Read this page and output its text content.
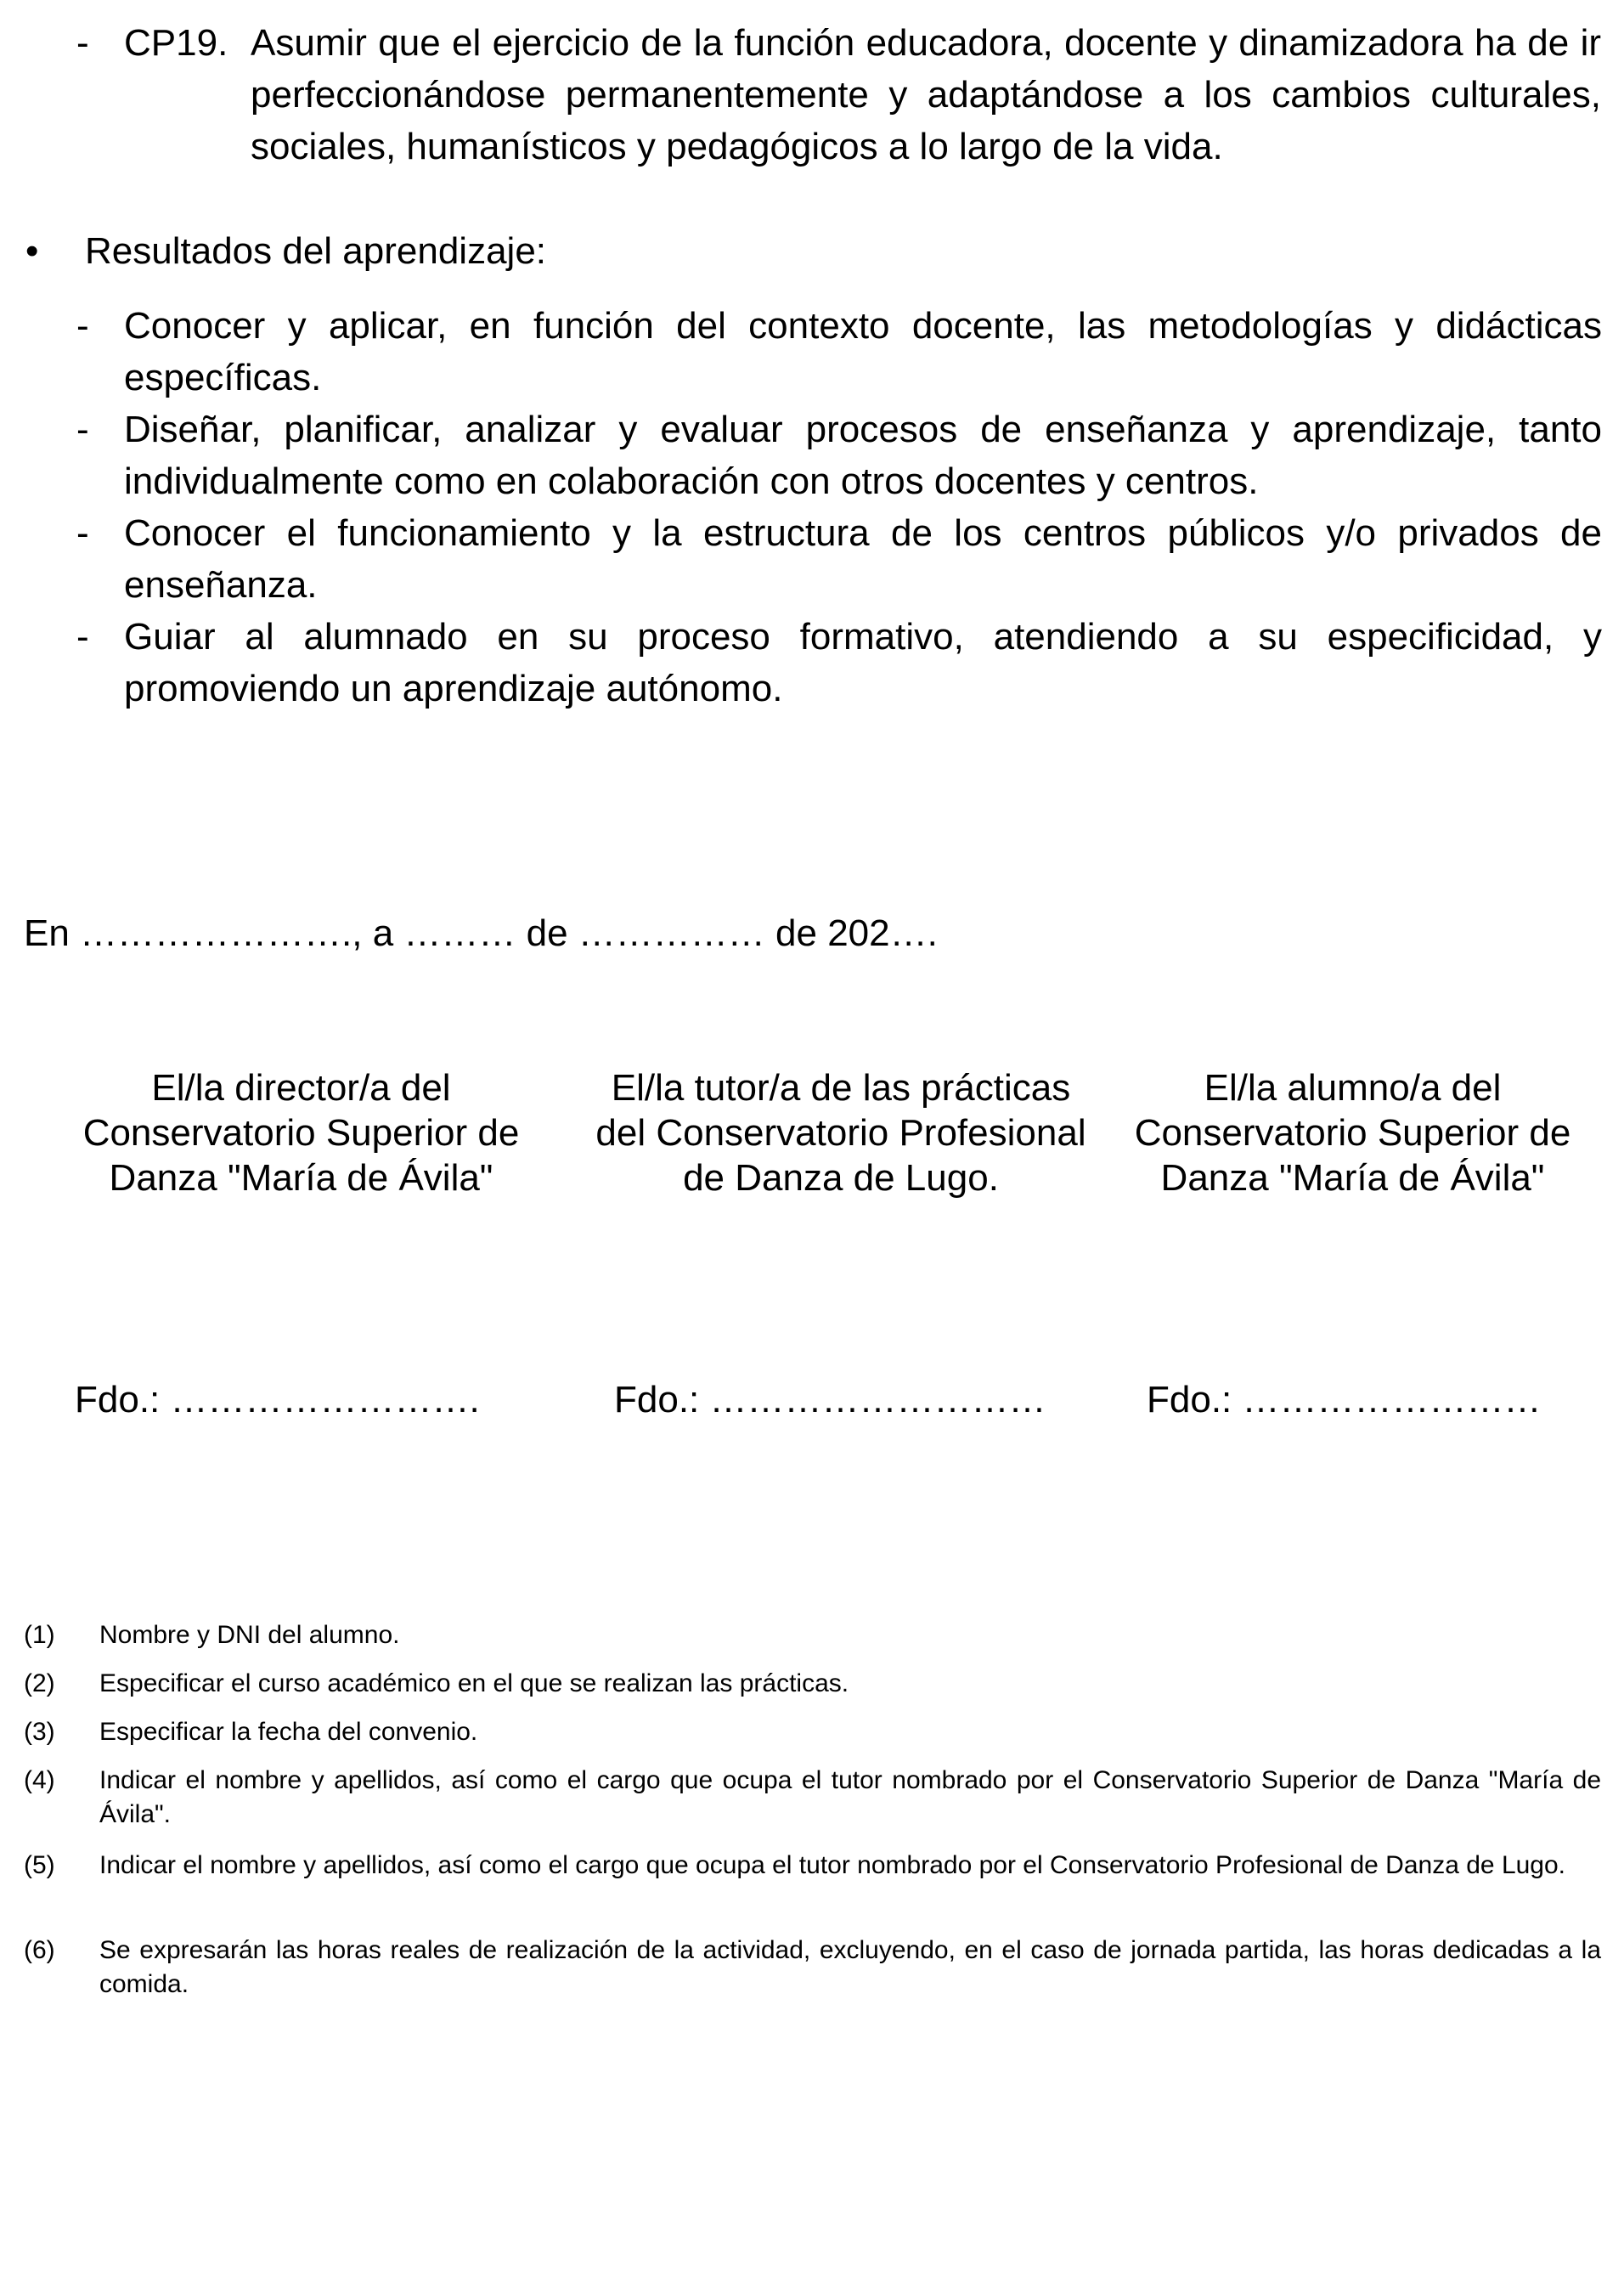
- CP19. Asumir que el ejercicio de la función educadora, docente y dinamizadora ha de ir perfeccionándose permanentemente y adaptándose a los cambios culturales, sociales, humanísticos y pedagógicos a lo largo de la vida.
• Resultados del aprendizaje:
- Conocer y aplicar, en función del contexto docente, las metodologías y didácticas específicas.
- Diseñar, planificar, analizar y evaluar procesos de enseñanza y aprendizaje, tanto individualmente como en colaboración con otros docentes y centros.
- Conocer el funcionamiento y la estructura de los centros públicos y/o privados de enseñanza.
- Guiar al alumnado en su proceso formativo, atendiendo a su especificidad, y promoviendo un aprendizaje autónomo.
En …………………., a ……… de …………… de 202….
El/la director/a del Conservatorio Superior de Danza "María de Ávila"
El/la tutor/a de las prácticas del Conservatorio Profesional de Danza de Lugo.
El/la alumno/a del Conservatorio Superior de Danza "María de Ávila"
Fdo.: …………………….	Fdo.: ………………………	Fdo.: ……………………
(1) Nombre y DNI del alumno.
(2) Especificar el curso académico en el que se realizan las prácticas.
(3) Especificar la fecha del convenio.
(4) Indicar el nombre y apellidos, así como el cargo que ocupa el tutor nombrado por el Conservatorio Superior de Danza "María de Ávila".
(5) Indicar el nombre y apellidos, así como el cargo que ocupa el tutor nombrado por el Conservatorio Profesional de Danza de Lugo.
(6) Se expresarán las horas reales de realización de la actividad, excluyendo, en el caso de jornada partida, las horas dedicadas a la comida.
